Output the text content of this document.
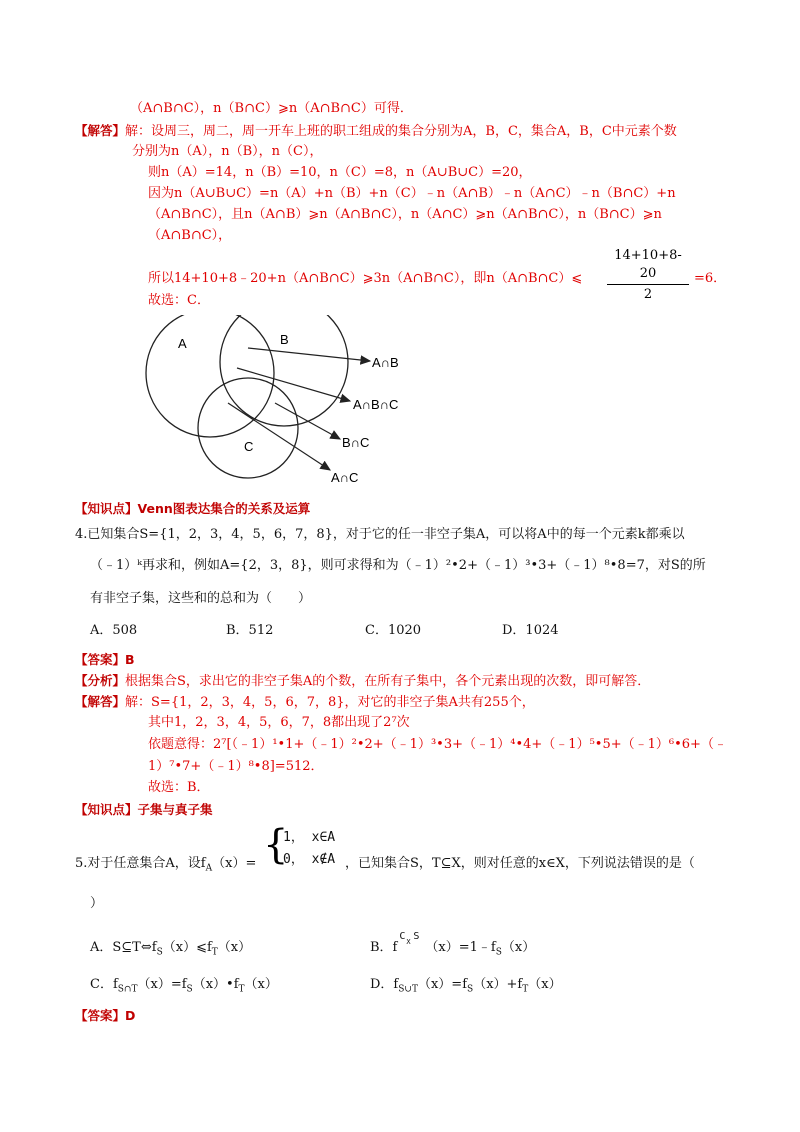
（A∩B∩C），n（B∩C）⩾n（A∩B∩C）可得．
【解答】解：设周三，周二，周一开车上班的职工组成的集合分别为A，B，C，集合A，B，C中元素个数
分别为n（A），n（B），n（C），
则n（A）=14，n（B）=10，n（C）=8，n（A∪B∪C）=20，
因为n（A∪B∪C）=n（A）+n（B）+n（C）﹣n（A∩B）﹣n（A∩C）﹣n（B∩C）+n
（A∩B∩C），且n（A∩B）⩾n（A∩B∩C），n（A∩C）⩾n（A∩B∩C），n（B∩C）⩾n
（A∩B∩C），
所以14+10+8﹣20+n（A∩B∩C）⩾3n（A∩B∩C），即n（A∩B∩C）⩽
14+10+8-20
2
=6．
故选：C．
A	B
C
A∩B
A∩B∩C
B∩C
A∩C
【知识点】Venn图表达集合的关系及运算
4.已知集合S={1，2，3，4，5，6，7，8}，对于它的任一非空子集A，可以将A中的每一个元素k都乘以
（﹣1）ᵏ再求和，例如A={2，3，8}，则可求得和为（﹣1）²•2+（﹣1）³•3+（﹣1）⁸•8=7，对S的所
有非空子集，这些和的总和为（　　）
A．508	B．512	C．1020	D．1024
【答案】B
【分析】根据集合S，求出它的非空子集A的个数，在所有子集中，各个元素出现的次数，即可解答．
【解答】解：S={1，2，3，4，5，6，7，8}，对它的非空子集A共有255个，
其中1，2，3，4，5，6，7，8都出现了2⁷次
依题意得：2⁷[（﹣1）¹•1+（﹣1）²•2+（﹣1）³•3+（﹣1）⁴•4+（﹣1）⁵•5+（﹣1）⁶•6+（﹣
1）⁷•7+（﹣1）⁸•8]=512．
故选：B．
【知识点】子集与真子集
5.对于任意集合A，设$f_A(x)=$ {
1， x∈A
0， x∉A ，已知集合S，T⊆X，则对任意的x∈X，下列说法错误的是（
）
A．$S⊆T\Leftrightarrow f_S(x)⩽f_T(x)$	B．f
C X S
$(x)=1﹣f_S(x)$
C．$f_{S\cap T}(x)=f_S(x)•f_T(x)$	D．$f_{S\cup T}(x)=f_S(x)+f_T(x)$
【答案】D
